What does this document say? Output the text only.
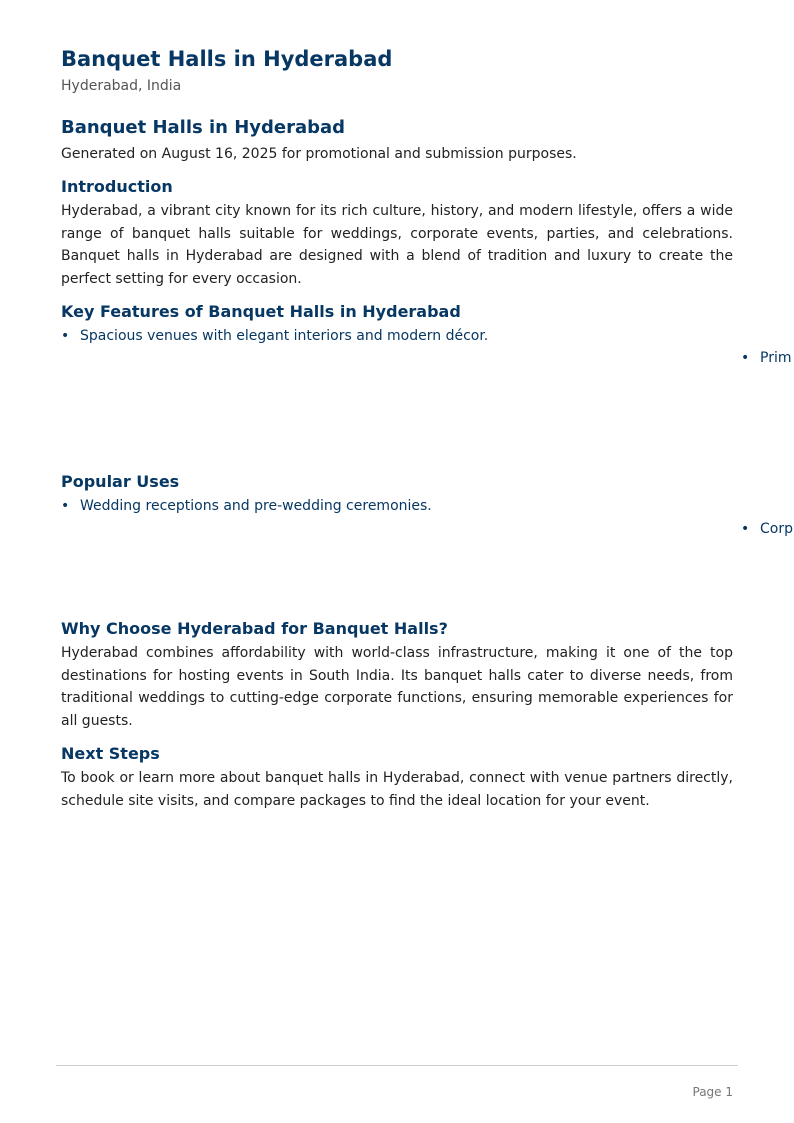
Banquet Halls in Hyderabad
Hyderabad, India
Banquet Halls in Hyderabad
Generated on August 16, 2025 for promotional and submission purposes.
Introduction

Hyderabad, a vibrant city known for its rich culture, history, and modern lifestyle, offers a wide range of banquet halls suitable for weddings, corporate events, parties, and celebrations. Banquet halls in Hyderabad are designed with a blend of tradition and luxury to create the perfect setting for every occasion.

Key Features of Banquet Halls in Hyderabad
• Spacious venues with elegant interiors and modern décor.
• Prim
Popular Uses
• Wedding receptions and pre-wedding ceremonies.
• Corp
Why Choose Hyderabad for Banquet Halls?

Hyderabad combines affordability with world-class infrastructure, making it one of the top destinations for hosting events in South India. Its banquet halls cater to diverse needs, from traditional weddings to cutting-edge corporate functions, ensuring memorable experiences for all guests.

Next Steps

To book or learn more about banquet halls in Hyderabad, connect with venue partners directly, schedule site visits, and compare packages to find the ideal location for your event.

Page 1
